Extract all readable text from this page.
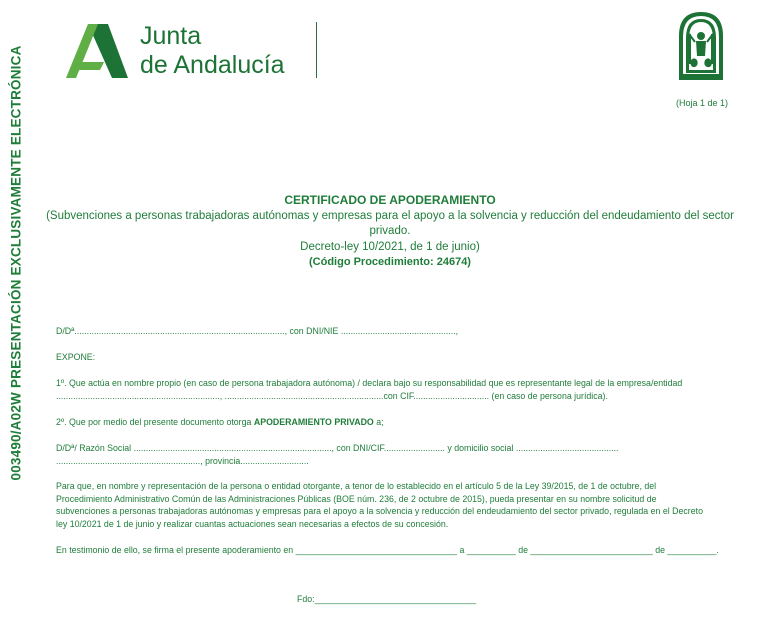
003490/A02W PRESENTACIÓN EXCLUSIVAMENTE ELECTRÓNICA
Junta
de Andalucía
(Hoja 1 de 1)
CERTIFICADO DE APODERAMIENTO
(Subvenciones a personas trabajadoras autónomas y empresas para el apoyo a la solvencia y reducción del endeudamiento del sector
privado.
Decreto-ley 10/2021, de 1 de junio)
(Código Procedimiento: 24674)
D/Dª......................................................................................, con DNI/NIE ...............................................,
EXPONE:
1º. Que actúa en nombre propio (en caso de persona trabajadora autónoma) / declara bajo su responsabilidad que es representante legal de la empresa/entidad
..................................................................., .................................................................con CIF............................... (en caso de persona jurídica).
2º. Que por medio del presente documento otorga APODERAMIENTO PRIVADO a;
D/Dª/ Razón Social ................................................................................., con DNI/CIF......................... y domicilio social ..........................................
..........................................................., provincia............................
Para que, en nombre y representación de la persona o entidad otorgante, a tenor de lo establecido en el artículo 5 de la Ley 39/2015, de 1 de octubre, del Procedimiento Administrativo Común de las Administraciones Públicas (BOE núm. 236, de 2 octubre de 2015), pueda presentar en su nombre solicitud de subvenciones a personas trabajadoras autónomas y empresas para el apoyo a la solvencia y reducción del endeudamiento del sector privado, regulada en el Decreto ley 10/2021 de 1 de junio y realizar cuantas actuaciones sean necesarias a efectos de su concesión.
En testimonio de ello, se firma el presente apoderamiento en _________________________________ a __________ de _________________________ de __________.
Fdo:_________________________________
